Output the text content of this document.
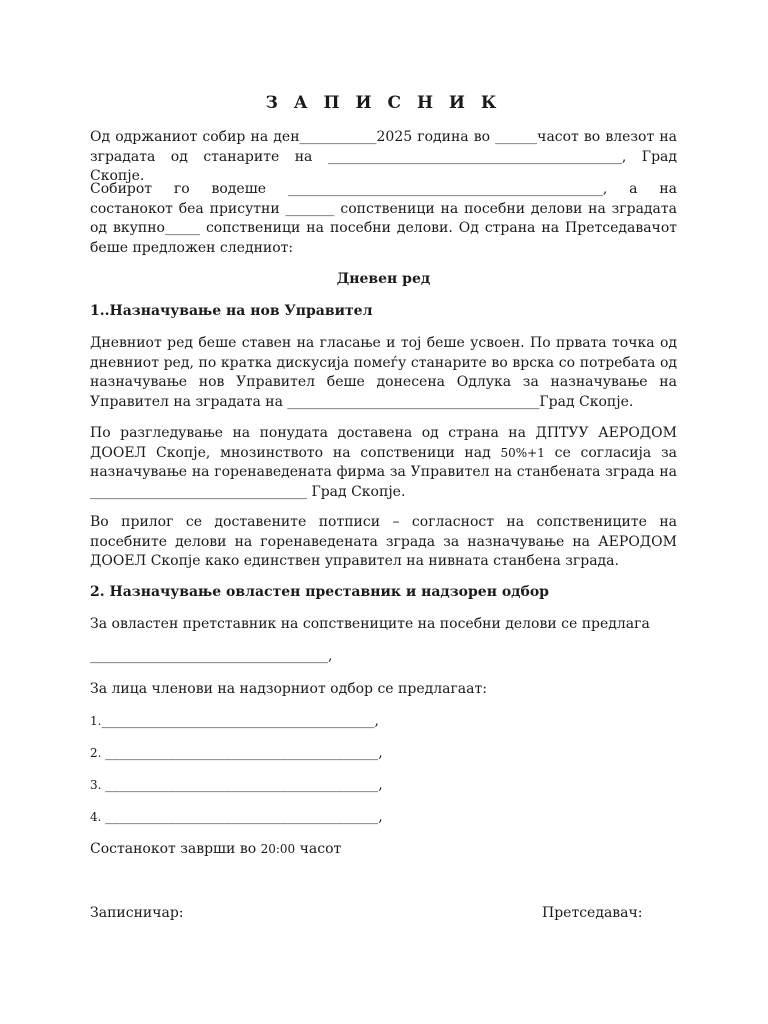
З А П И С Н И К
Од одржаниот собир на ден___________2025 година во ______часот во влезот на зградата од станарите на __________________________________________, Град Скопје.
Собирот го водеше _____________________________________________, а на состанокот беа присутни _______ сопственици на посебни делови на зградата од вкупно_____ сопственици на посебни делови. Од страна на Претседавачот беше предложен следниот:
Дневен ред
1..Назначување на нов Управител
Дневниот ред беше ставен на гласање и тој беше усвоен. По првата точка од дневниот ред, по кратка дискусија помеѓу станарите во врска со потребата од назначување нов Управител беше донесена Одлука за назначување на Управител на зградата на ____________________________________Град Скопје.
По разгледување на понудата доставена од страна на ДПТУУ АЕРОДОМ ДООЕЛ Скопје, мнозинството на сопственици над 50%+1 се согласија за назначување на горенаведената фирма за Управител на станбената зграда на _______________________________ Град Скопје.
Во прилог се доставените потписи – согласност на сопствениците на посебните делови на горенаведената зграда за назначување на АЕРОДОМ ДООЕЛ Скопје како единствен управител на нивната станбена зграда.
2. Назначување овластен преставник и надзорен одбор
За овластен претставник на сопствениците на посебни делови се предлага
__________________________________,
За лица членови на надзорниот одбор се предлагаат:
1._______________________________________,
2. _______________________________________,
3. _______________________________________,
4. _______________________________________,
Состанокот заврши во 20:00 часот
Записничар:	Претседавач:
